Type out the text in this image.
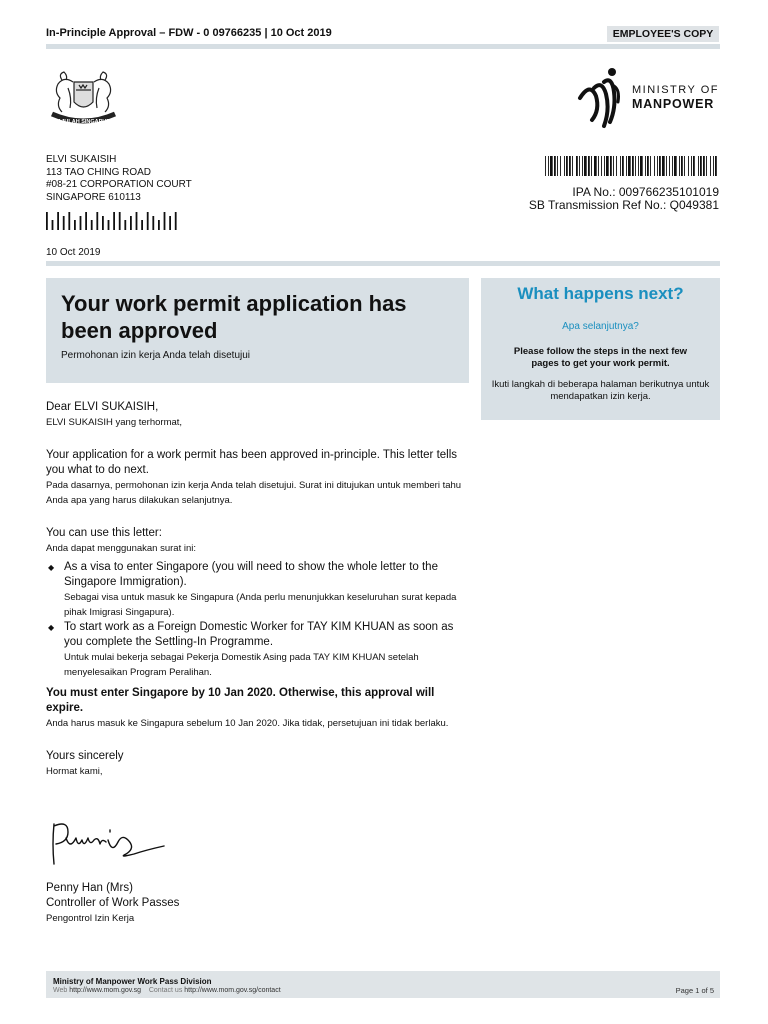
In-Principle Approval – FDW - 0 09766235 | 10 Oct 2019	EMPLOYEE'S COPY
MAJULAH SINGAPURA
MINISTRY OF
MANPOWER
ELVI SUKAISIH
113 TAO CHING ROAD
#08-21 CORPORATION COURT
SINGAPORE 610113	IPA No.: 009766235101019
SB Transmission Ref No.: Q049381
10 Oct 2019
Your work permit application has been approved
Permohonan izin kerja Anda telah disetujui
What happens next?
Apa selanjutnya?
Please follow the steps in the next few pages to get your work permit.
Ikuti langkah di beberapa halaman berikutnya untuk mendapatkan izin kerja.

Dear ELVI SUKAISIH,

ELVI SUKAISIH yang terhormat,

Your application for a work permit has been approved in-principle. This letter tells you what to do next.

Pada dasarnya, permohonan izin kerja Anda telah disetujui. Surat ini ditujukan untuk memberi tahu Anda apa yang harus dilakukan selanjutnya.

You can use this letter:

Anda dapat menggunakan surat ini:

◆ As a visa to enter Singapore (you will need to show the whole letter to the Singapore Immigration).

Sebagai visa untuk masuk ke Singapura (Anda perlu menunjukkan keseluruhan surat kepada pihak Imigrasi Singapura).

◆ To start work as a Foreign Domestic Worker for TAY KIM KHUAN as soon as you complete the Settling-In Programme.

Untuk mulai bekerja sebagai Pekerja Domestik Asing pada TAY KIM KHUAN setelah menyelesaikan Program Peralihan.

You must enter Singapore by 10 Jan 2020. Otherwise, this approval will expire.

Anda harus masuk ke Singapura sebelum 10 Jan 2020. Jika tidak, persetujuan ini tidak berlaku.

Yours sincerely

Hormat kami,

Penny Han (Mrs)

Controller of Work Passes

Pengontrol Izin Kerja

Ministry of Manpower Work Pass Division
Web http://www.mom.gov.sg Contact us http://www.mom.gov.sg/contact	Page 1 of 5
